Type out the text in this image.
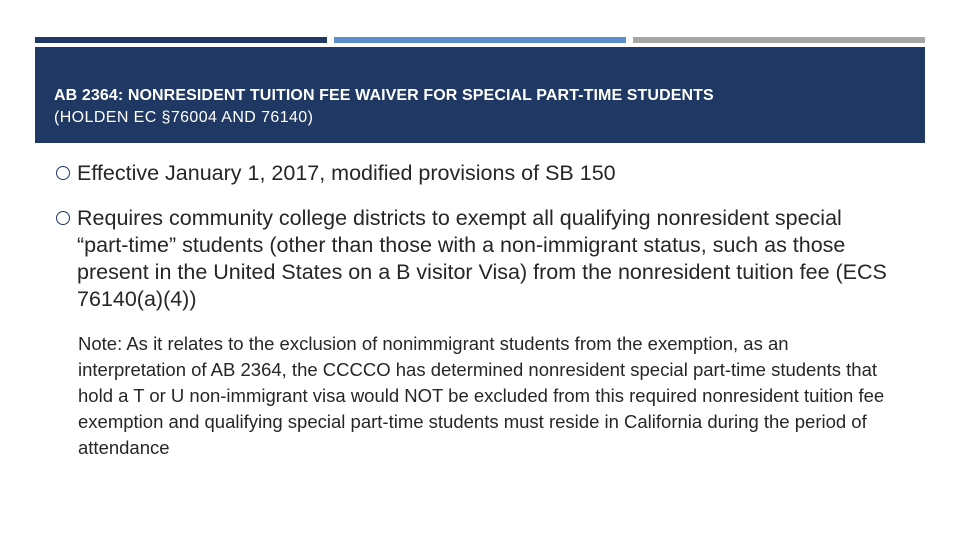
AB 2364: NONRESIDENT TUITION FEE WAIVER FOR SPECIAL PART-TIME STUDENTS
(HOLDEN EC §76004 AND 76140)
Effective January 1, 2017, modified provisions of SB 150
Requires community college districts to exempt all qualifying nonresident special “part-time” students (other than those with a non-immigrant status, such as those present in the United States on a B visitor Visa) from the nonresident tuition fee (ECS 76140(a)(4))
Note: As it relates to the exclusion of nonimmigrant students from the exemption, as an interpretation of AB 2364, the CCCCO has determined nonresident special part-time students that hold a T or U non-immigrant visa would NOT be excluded from this required nonresident tuition fee exemption and qualifying special part-time students must reside in California during the period of attendance
